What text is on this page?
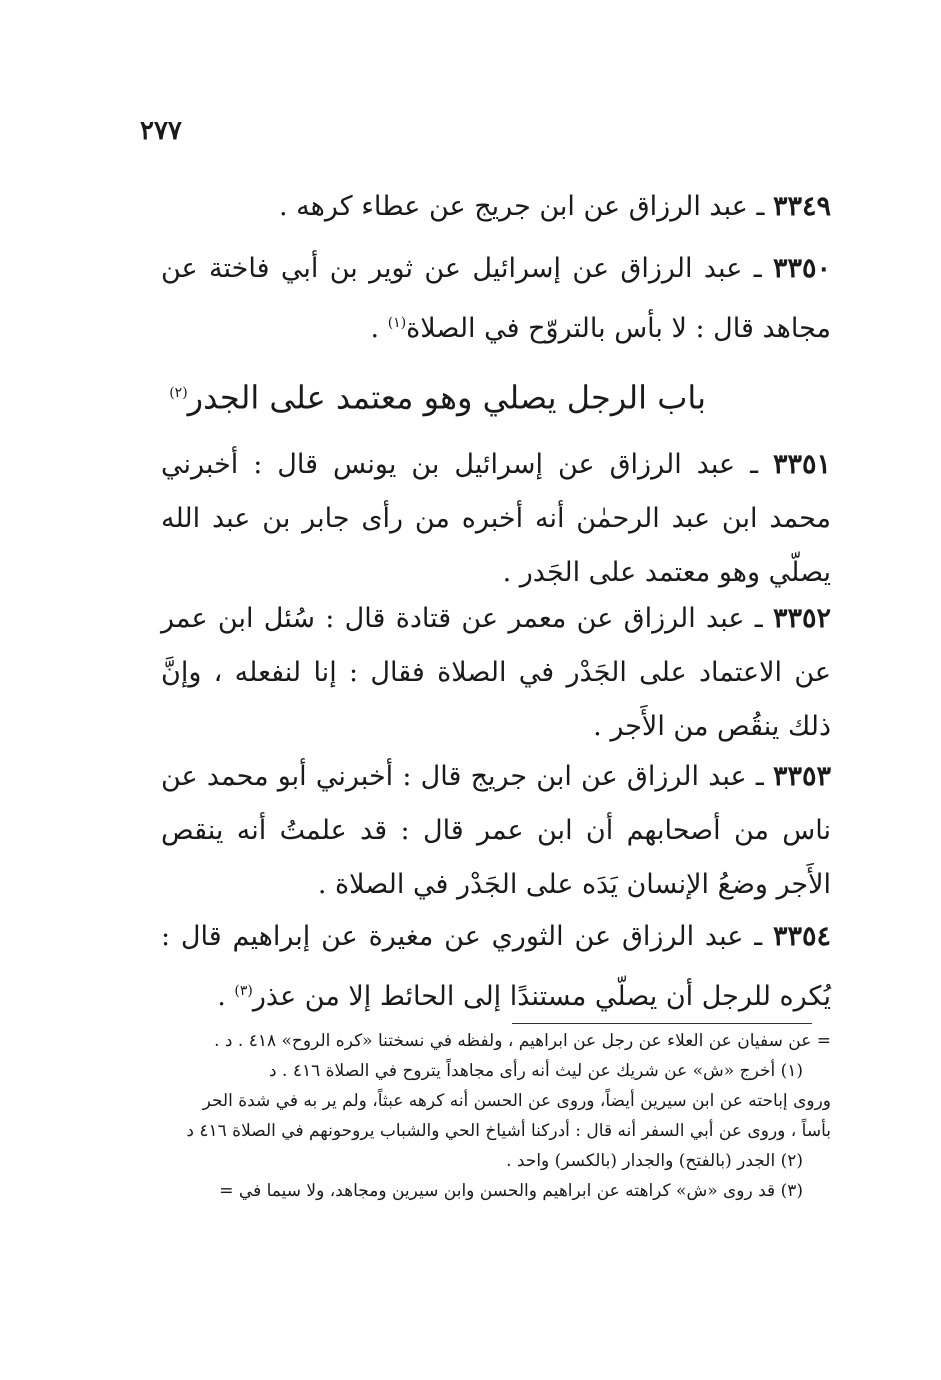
٢٧٧

٣٣٤٩ ـ عبد الرزاق عن ابن جريج عن عطاء كرهه .

٣٣٥٠ ـ عبد الرزاق عن إسرائيل عن ثوير بن أبي فاختة عن مجاهد قال : لا بأس بالتروّح في الصلاة$^{(١)}$ .

باب الرجل يصلي وهو معتمد على الجدر$^{(٢)}$

٣٣٥١ ـ عبد الرزاق عن إسرائيل بن يونس قال : أخبرني محمد ابن عبد الرحمٰن أنه أخبره من رأى جابر بن عبد الله يصلّي وهو معتمد على الجَدر .

٣٣٥٢ ـ عبد الرزاق عن معمر عن قتادة قال : سُئل ابن عمر عن الاعتماد على الجَدْر في الصلاة فقال : إنا لنفعله ، وإنَّ ذلك ينقُص من الأَجر .

٣٣٥٣ ـ عبد الرزاق عن ابن جريج قال : أخبرني أبو محمد عن ناس من أصحابهم أن ابن عمر قال : قد علمتُ أنه ينقص الأَجر وضعُ الإنسان يَدَه على الجَدْر في الصلاة .

٣٣٥٤ ـ عبد الرزاق عن الثوري عن مغيرة عن إبراهيم قال : يُكره للرجل أن يصلّي مستندًا إلى الحائط إلا من عذر$^{(٣)}$ .

= عن سفيان عن العلاء عن رجل عن ابراهيم ، ولفظه في نسختنا «كره الروح» ٤١٨ . د .

(١) أخرج «ش» عن شريك عن ليث أنه رأى مجاهداً يتروح في الصلاة ٤١٦ . د

وروى إباحته عن ابن سيرين أيضاً، وروى عن الحسن أنه كرهه عبثاً، ولم ير به في شدة الحر

بأساً ، وروى عن أبي السفر أنه قال : أدركنا أشياخ الحي والشباب يروحونهم في الصلاة ٤١٦ د

(٢) الجدر (بالفتح) والجدار (بالكسر) واحد .

(٣) قد روى «ش» كراهته عن ابراهيم والحسن وابن سيرين ومجاهد، ولا سيما في =
